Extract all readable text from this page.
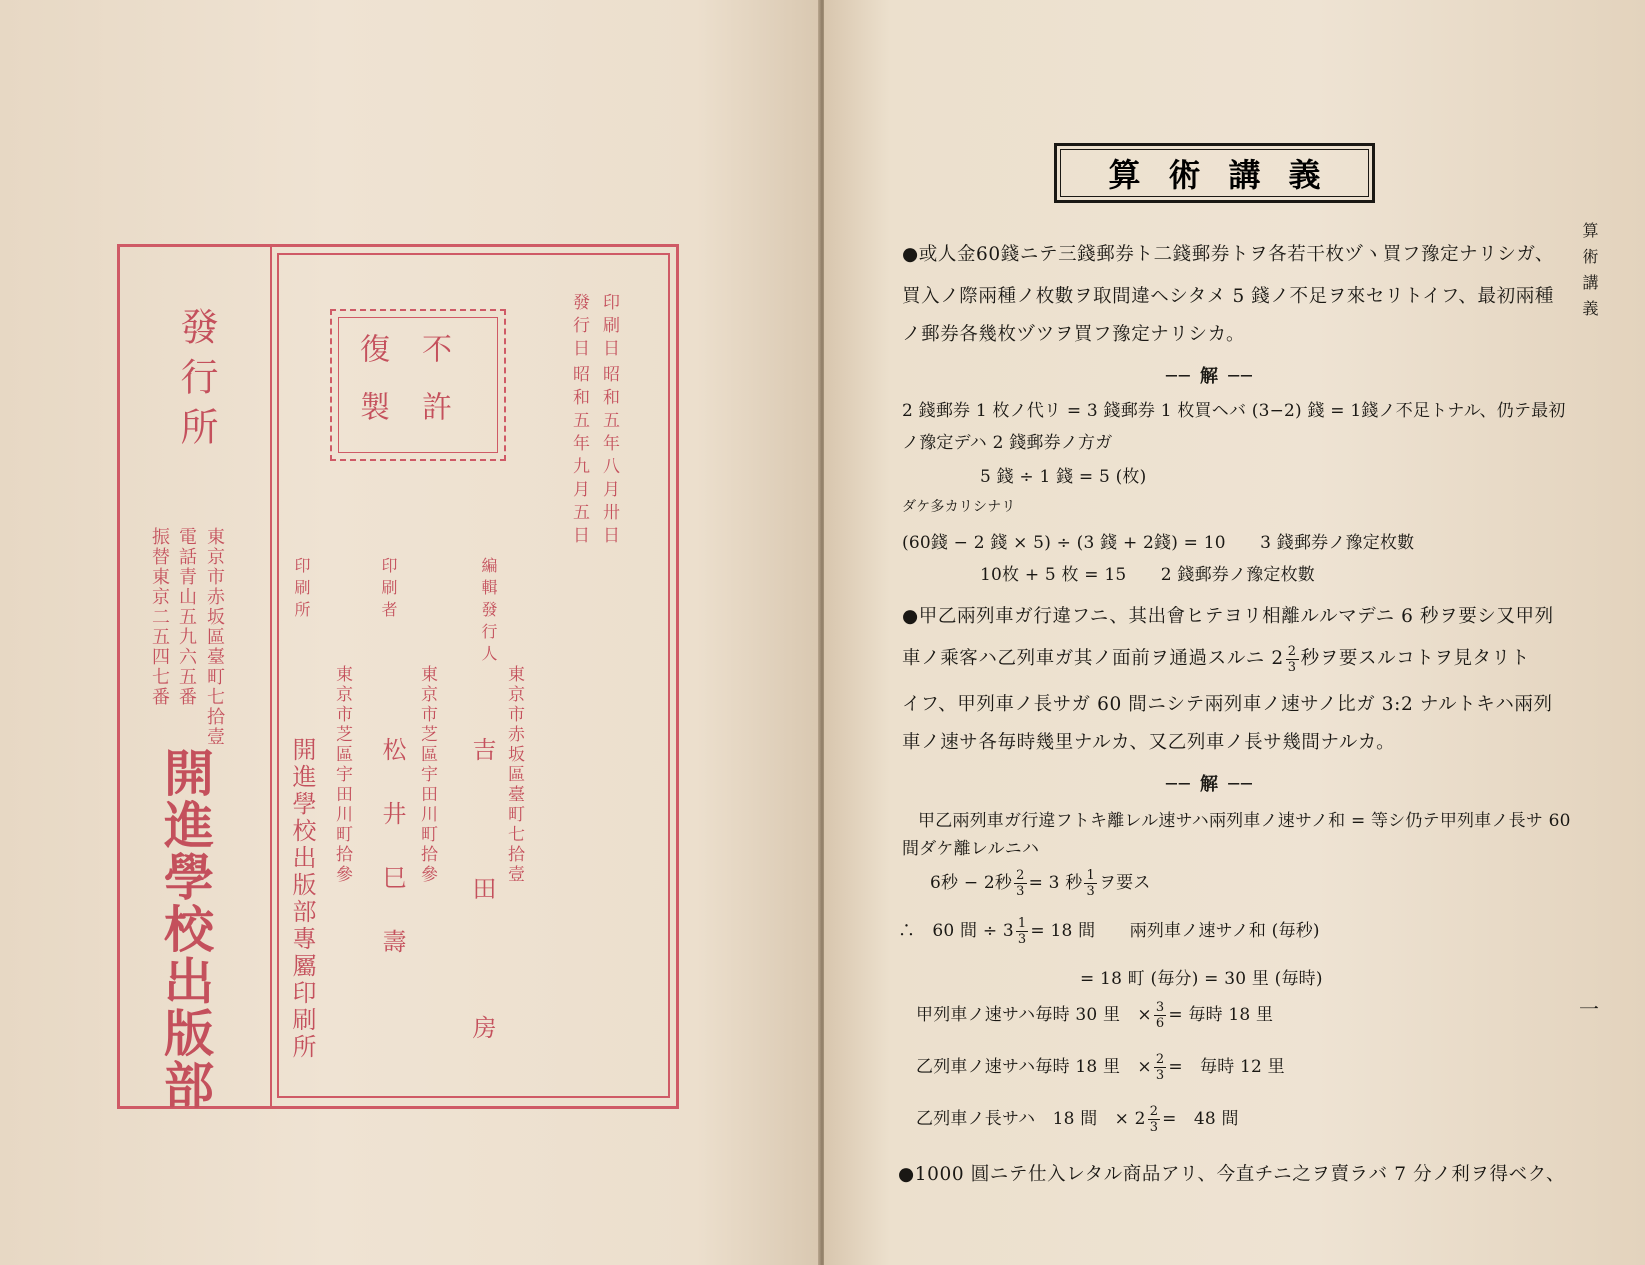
發行所
東京市赤坂區臺町七拾壹
電話青山五九六五番
振替東京二五四七番
開進學校出版部
不許
復製
印刷日
昭和五年八月卅日
發行日
昭和五年九月五日
編輯發行人
東京市赤坂區臺町七拾壹
吉田房
印刷者
東京市芝區宇田川町拾參
松井巳壽
印刷所
東京市芝區宇田川町拾參
開進學校出版部專屬印刷所
算術講義
算術講義
一
●或人金60錢ニテ三錢郵券ト二錢郵券トヲ各若干枚ヅヽ買フ豫定ナリシガ、
買入ノ際兩種ノ枚數ヲ取間違ヘシタメ 5 錢ノ不足ヲ來セリトイフ、最初兩種
ノ郵券各幾枚ヅツヲ買フ豫定ナリシカ。
── 解 ──
2 錢郵券 1 枚ノ代リ = 3 錢郵券 1 枚買ヘバ (3−2) 錢 = 1錢ノ不足トナル、仍テ最初
ノ豫定デハ 2 錢郵券ノ方ガ
5 錢 ÷ 1 錢 = 5 (枚)
ダケ多カリシナリ
(60錢 − 2 錢 × 5) ÷ (3 錢 + 2錢) = 10　　3 錢郵券ノ豫定枚數
10枚 + 5 枚 = 15　　2 錢郵券ノ豫定枚數
●甲乙兩列車ガ行違フニ、其出會ヒテヨリ相離ルルマデニ 6 秒ヲ要シ又甲列
車ノ乘客ハ乙列車ガ其ノ面前ヲ通過スルニ $2 \frac{2}{3}$ 秒ヲ要スルコトヲ見タリト
イフ、甲列車ノ長サガ 60 間ニシテ兩列車ノ速サノ比ガ 3:2 ナルトキハ兩列
車ノ速サ各毎時幾里ナルカ、又乙列車ノ長サ幾間ナルカ。
── 解 ──
甲乙兩列車ガ行違フトキ離レル速サハ兩列車ノ速サノ和 = 等シ仍テ甲列車ノ長サ 60
間ダケ離レルニハ
6秒 − 2秒 $\frac{2}{3} = 3$ 秒 $\frac{1}{3}$ ヲ要ス
∴　60 間 ÷ $3 \frac{1}{3} = 18$ 間　　兩列車ノ速サノ和 (毎秒)
= 18 町 (毎分) = 30 里 (毎時)
甲列車ノ速サハ毎時 30 里　× $\frac{3}{6}$ = 毎時 18 里
乙列車ノ速サハ毎時 18 里　× $\frac{2}{3}$ =　毎時 12 里
乙列車ノ長サハ　18 間　× $2 \frac{2}{3}$ =　48 間
●1000 圓ニテ仕入レタル商品アリ、今直チニ之ヲ賣ラバ 7 分ノ利ヲ得ベク、
